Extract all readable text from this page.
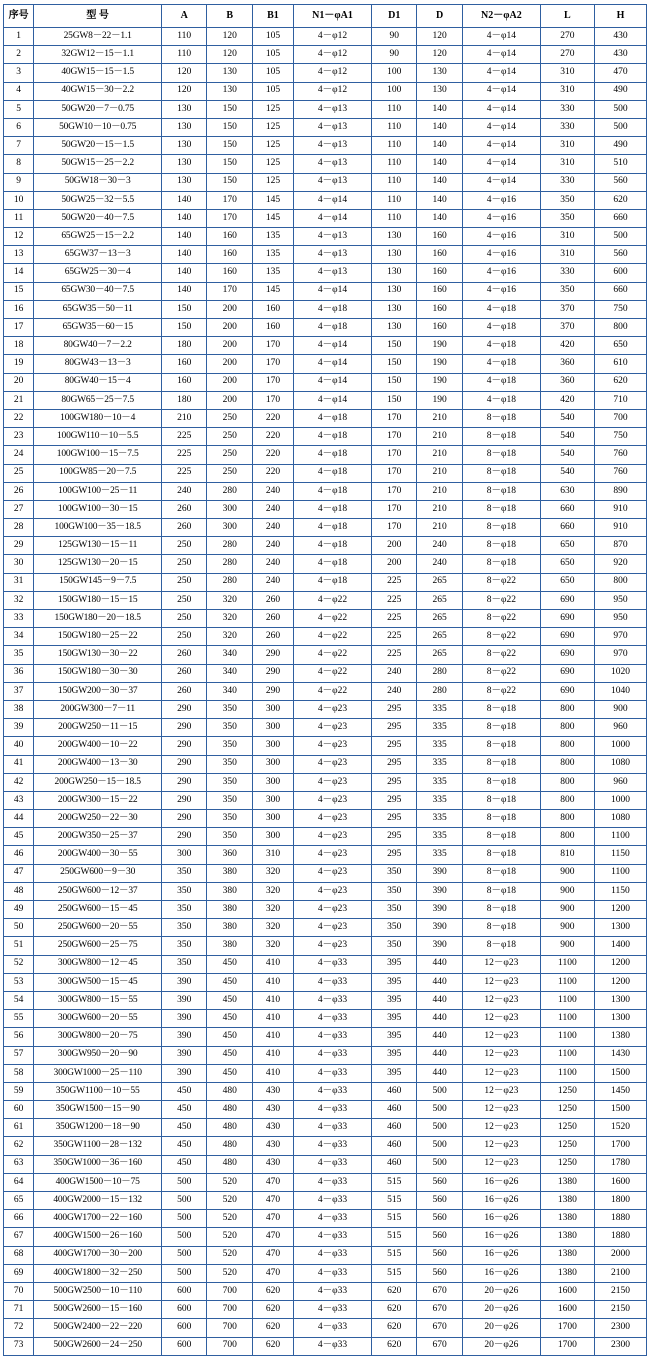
序号	型 号	A	B	B1	N1－φA1	D1	D	N2－φA2	L	H
1	25GW8－22－1.1	110	120	105	4－φ12	90	120	4－φ14	270	430
2	32GW12－15－1.1	110	120	105	4－φ12	90	120	4－φ14	270	430
3	40GW15－15－1.5	120	130	105	4－φ12	100	130	4－φ14	310	470
4	40GW15－30－2.2	120	130	105	4－φ12	100	130	4－φ14	310	490
5	50GW20－7－0.75	130	150	125	4－φ13	110	140	4－φ14	330	500
6	50GW10－10－0.75	130	150	125	4－φ13	110	140	4－φ14	330	500
7	50GW20－15－1.5	130	150	125	4－φ13	110	140	4－φ14	310	490
8	50GW15－25－2.2	130	150	125	4－φ13	110	140	4－φ14	310	510
9	50GW18－30－3	130	150	125	4－φ13	110	140	4－φ14	330	560
10	50GW25－32－5.5	140	170	145	4－φ14	110	140	4－φ16	350	620
11	50GW20－40－7.5	140	170	145	4－φ14	110	140	4－φ16	350	660
12	65GW25－15－2.2	140	160	135	4－φ13	130	160	4－φ16	310	500
13	65GW37－13－3	140	160	135	4－φ13	130	160	4－φ16	310	560
14	65GW25－30－4	140	160	135	4－φ13	130	160	4－φ16	330	600
15	65GW30－40－7.5	140	170	145	4－φ14	130	160	4－φ16	350	660
16	65GW35－50－11	150	200	160	4－φ18	130	160	4－φ18	370	750
17	65GW35－60－15	150	200	160	4－φ18	130	160	4－φ18	370	800
18	80GW40－7－2.2	180	200	170	4－φ14	150	190	4－φ18	420	650
19	80GW43－13－3	160	200	170	4－φ14	150	190	4－φ18	360	610
20	80GW40－15－4	160	200	170	4－φ14	150	190	4－φ18	360	620
21	80GW65－25－7.5	180	200	170	4－φ14	150	190	4－φ18	420	710
22	100GW180－10－4	210	250	220	4－φ18	170	210	8－φ18	540	700
23	100GW110－10－5.5	225	250	220	4－φ18	170	210	8－φ18	540	750
24	100GW100－15－7.5	225	250	220	4－φ18	170	210	8－φ18	540	760
25	100GW85－20－7.5	225	250	220	4－φ18	170	210	8－φ18	540	760
26	100GW100－25－11	240	280	240	4－φ18	170	210	8－φ18	630	890
27	100GW100－30－15	260	300	240	4－φ18	170	210	8－φ18	660	910
28	100GW100－35－18.5	260	300	240	4－φ18	170	210	8－φ18	660	910
29	125GW130－15－11	250	280	240	4－φ18	200	240	8－φ18	650	870
30	125GW130－20－15	250	280	240	4－φ18	200	240	8－φ18	650	920
31	150GW145－9－7.5	250	280	240	4－φ18	225	265	8－φ22	650	800
32	150GW180－15－15	250	320	260	4－φ22	225	265	8－φ22	690	950
33	150GW180－20－18.5	250	320	260	4－φ22	225	265	8－φ22	690	950
34	150GW180－25－22	250	320	260	4－φ22	225	265	8－φ22	690	970
35	150GW130－30－22	260	340	290	4－φ22	225	265	8－φ22	690	970
36	150GW180－30－30	260	340	290	4－φ22	240	280	8－φ22	690	1020
37	150GW200－30－37	260	340	290	4－φ22	240	280	8－φ22	690	1040
38	200GW300－7－11	290	350	300	4－φ23	295	335	8－φ18	800	900
39	200GW250－11－15	290	350	300	4－φ23	295	335	8－φ18	800	960
40	200GW400－10－22	290	350	300	4－φ23	295	335	8－φ18	800	1000
41	200GW400－13－30	290	350	300	4－φ23	295	335	8－φ18	800	1080
42	200GW250－15－18.5	290	350	300	4－φ23	295	335	8－φ18	800	960
43	200GW300－15－22	290	350	300	4－φ23	295	335	8－φ18	800	1000
44	200GW250－22－30	290	350	300	4－φ23	295	335	8－φ18	800	1080
45	200GW350－25－37	290	350	300	4－φ23	295	335	8－φ18	800	1100
46	200GW400－30－55	300	360	310	4－φ23	295	335	8－φ18	810	1150
47	250GW600－9－30	350	380	320	4－φ23	350	390	8－φ18	900	1100
48	250GW600－12－37	350	380	320	4－φ23	350	390	8－φ18	900	1150
49	250GW600－15－45	350	380	320	4－φ23	350	390	8－φ18	900	1200
50	250GW600－20－55	350	380	320	4－φ23	350	390	8－φ18	900	1300
51	250GW600－25－75	350	380	320	4－φ23	350	390	8－φ18	900	1400
52	300GW800－12－45	350	450	410	4－φ33	395	440	12－φ23	1100	1200
53	300GW500－15－45	390	450	410	4－φ33	395	440	12－φ23	1100	1200
54	300GW800－15－55	390	450	410	4－φ33	395	440	12－φ23	1100	1300
55	300GW600－20－55	390	450	410	4－φ33	395	440	12－φ23	1100	1300
56	300GW800－20－75	390	450	410	4－φ33	395	440	12－φ23	1100	1380
57	300GW950－20－90	390	450	410	4－φ33	395	440	12－φ23	1100	1430
58	300GW1000－25－110	390	450	410	4－φ33	395	440	12－φ23	1100	1500
59	350GW1100－10－55	450	480	430	4－φ33	460	500	12－φ23	1250	1450
60	350GW1500－15－90	450	480	430	4－φ33	460	500	12－φ23	1250	1500
61	350GW1200－18－90	450	480	430	4－φ33	460	500	12－φ23	1250	1520
62	350GW1100－28－132	450	480	430	4－φ33	460	500	12－φ23	1250	1700
63	350GW1000－36－160	450	480	430	4－φ33	460	500	12－φ23	1250	1780
64	400GW1500－10－75	500	520	470	4－φ33	515	560	16－φ26	1380	1600
65	400GW2000－15－132	500	520	470	4－φ33	515	560	16－φ26	1380	1800
66	400GW1700－22－160	500	520	470	4－φ33	515	560	16－φ26	1380	1880
67	400GW1500－26－160	500	520	470	4－φ33	515	560	16－φ26	1380	1880
68	400GW1700－30－200	500	520	470	4－φ33	515	560	16－φ26	1380	2000
69	400GW1800－32－250	500	520	470	4－φ33	515	560	16－φ26	1380	2100
70	500GW2500－10－110	600	700	620	4－φ33	620	670	20－φ26	1600	2150
71	500GW2600－15－160	600	700	620	4－φ33	620	670	20－φ26	1600	2150
72	500GW2400－22－220	600	700	620	4－φ33	620	670	20－φ26	1700	2300
73	500GW2600－24－250	600	700	620	4－φ33	620	670	20－φ26	1700	2300
